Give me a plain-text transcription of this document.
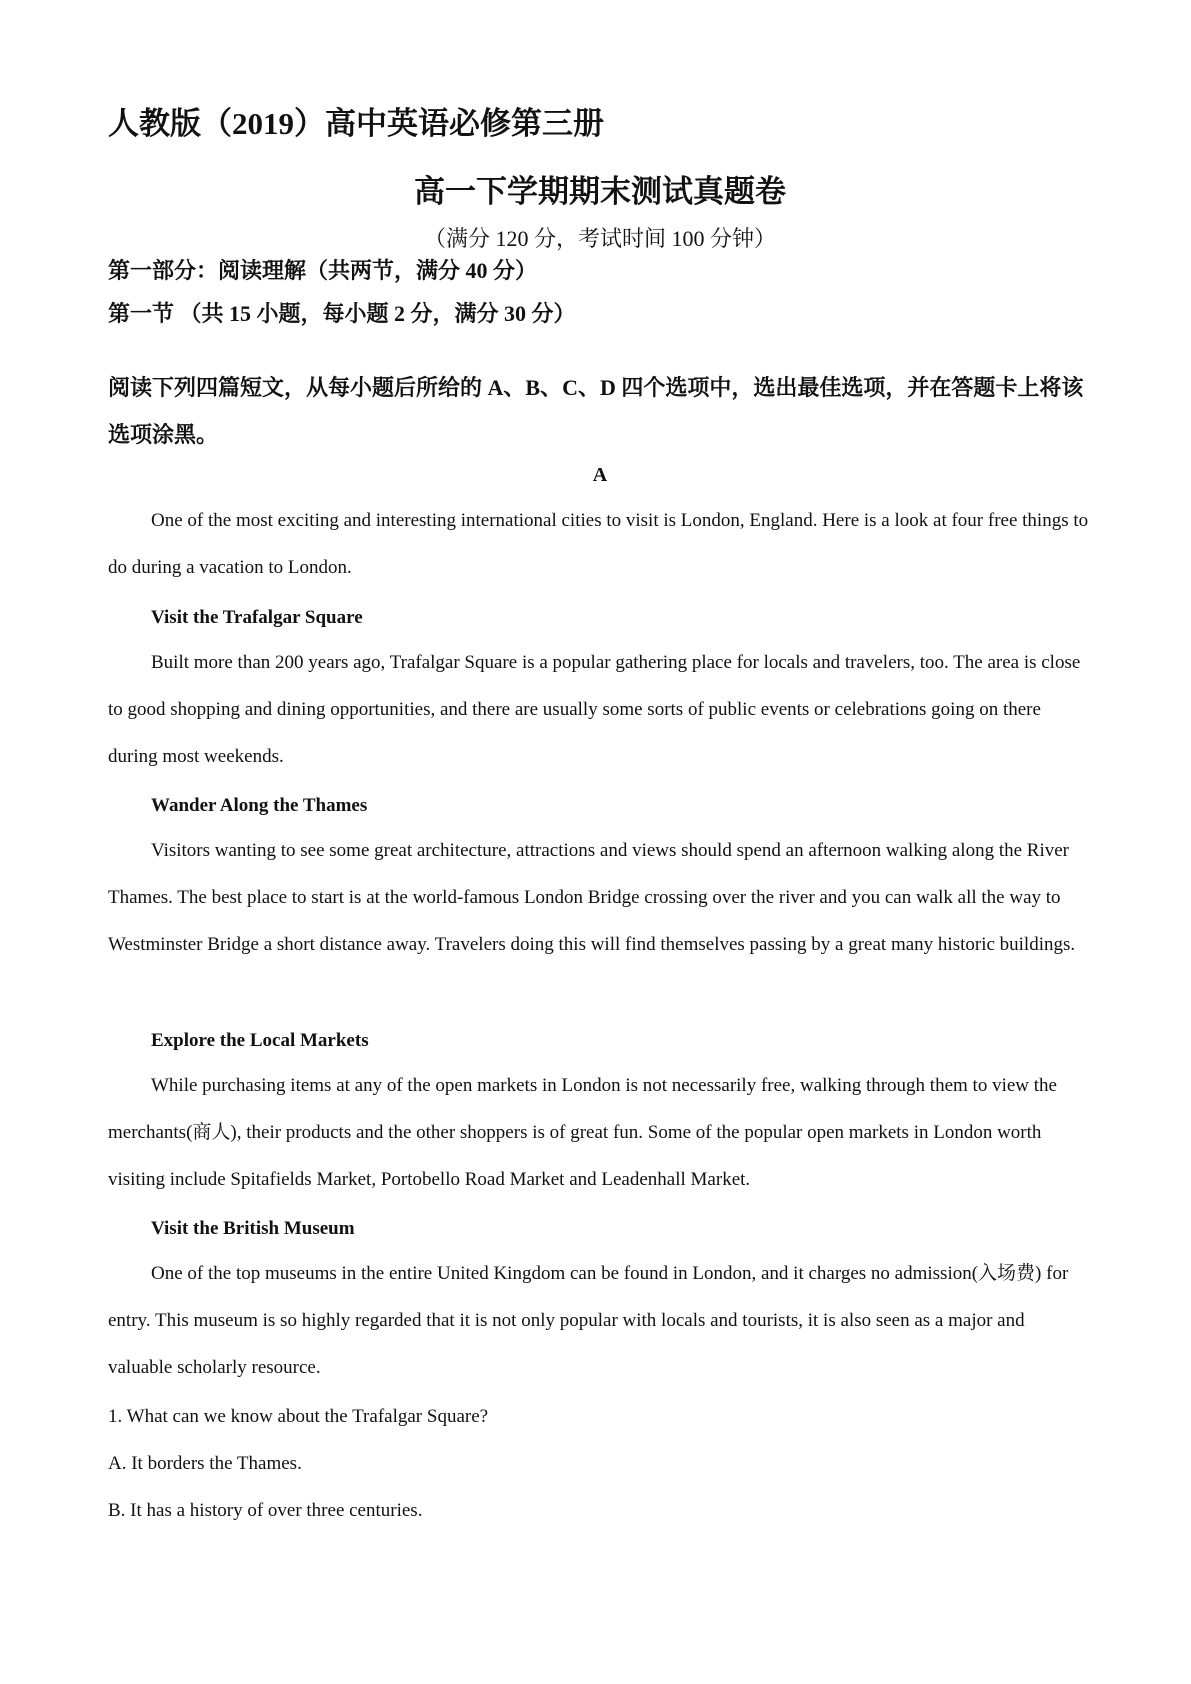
人教版（2019）高中英语必修第三册
高一下学期期末测试真题卷
（满分 120 分，考试时间 100 分钟）
第一部分：阅读理解（共两节，满分 40 分）
第一节 （共 15 小题，每小题 2 分，满分 30 分）
阅读下列四篇短文，从每小题后所给的 A、B、C、D 四个选项中，选出最佳选项，并在答题卡上将该选项涂黑。
A
One of the most exciting and interesting international cities to visit is London, England. Here is a look at four free things to do during a vacation to London.
Visit the Trafalgar Square
Built more than 200 years ago, Trafalgar Square is a popular gathering place for locals and travelers, too. The area is close to good shopping and dining opportunities, and there are usually some sorts of public events or celebrations going on there during most weekends.
Wander Along the Thames
Visitors wanting to see some great architecture, attractions and views should spend an afternoon walking along the River Thames. The best place to start is at the world-famous London Bridge crossing over the river and you can walk all the way to Westminster Bridge a short distance away. Travelers doing this will find themselves passing by a great many historic buildings.
Explore the Local Markets
While purchasing items at any of the open markets in London is not necessarily free, walking through them to view the merchants(商人), their products and the other shoppers is of great fun. Some of the popular open markets in London worth visiting include Spitafields Market, Portobello Road Market and Leadenhall Market.
Visit the British Museum
One of the top museums in the entire United Kingdom can be found in London, and it charges no admission(入场费) for entry. This museum is so highly regarded that it is not only popular with locals and tourists, it is also seen as a major and valuable scholarly resource.
1. What can we know about the Trafalgar Square?
A. It borders the Thames.
B. It has a history of over three centuries.
